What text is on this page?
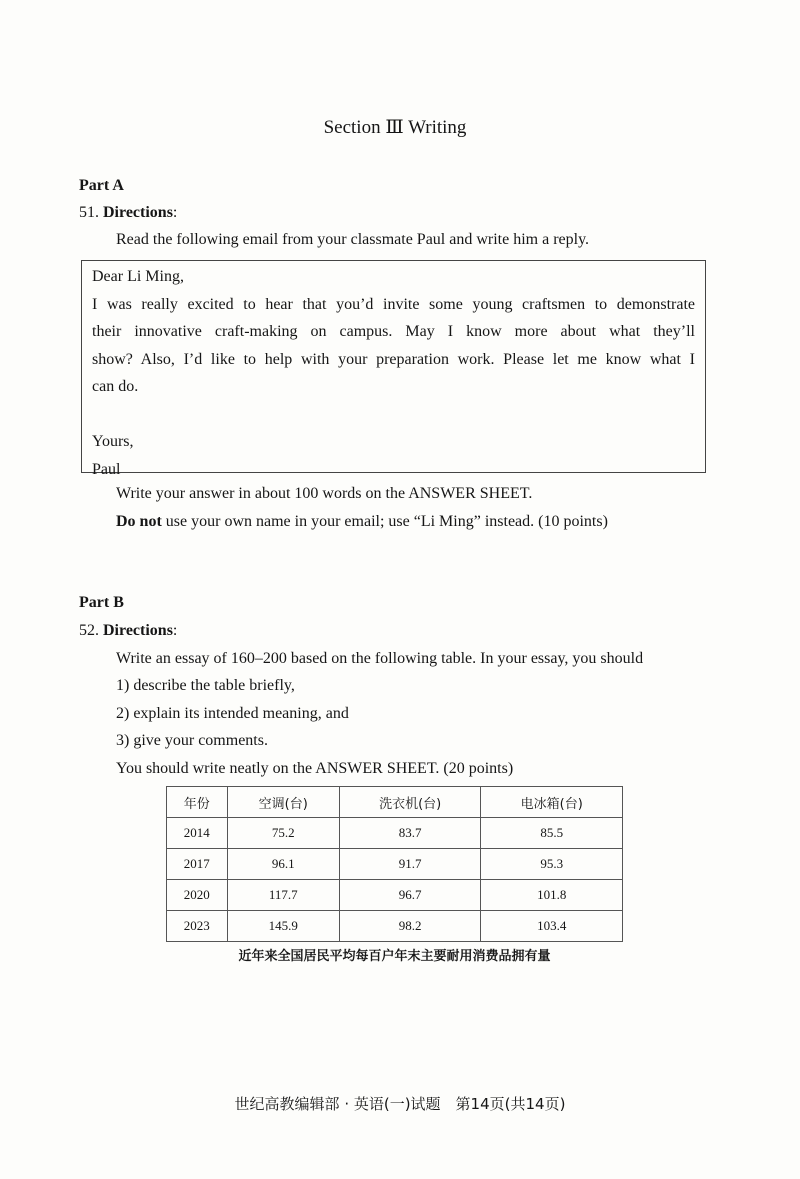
Section Ⅲ Writing
Part A
51. Directions:
Read the following email from your classmate Paul and write him a reply.
Dear Li Ming,
I was really excited to hear that you’d invite some young craftsmen to demonstrate
their innovative craft-making on campus. May I know more about what they’ll
show? Also, I’d like to help with your preparation work. Please let me know what I
can do.
Yours,
Paul
Write your answer in about 100 words on the ANSWER SHEET.
Do not use your own name in your email; use “Li Ming” instead. (10 points)
Part B
52. Directions:
Write an essay of 160–200 based on the following table. In your essay, you should
1) describe the table briefly,
2) explain its intended meaning, and
3) give your comments.
You should write neatly on the ANSWER SHEET. (20 points)
年份	空调(台)	洗衣机(台)	电冰箱(台)
2014	75.2	83.7	85.5
2017	96.1	91.7	95.3
2020	117.7	96.7	101.8
2023	145.9	98.2	103.4
近年来全国居民平均每百户年末主要耐用消费品拥有量
世纪高教编辑部 · 英语(一)试题　第14页(共14页)
